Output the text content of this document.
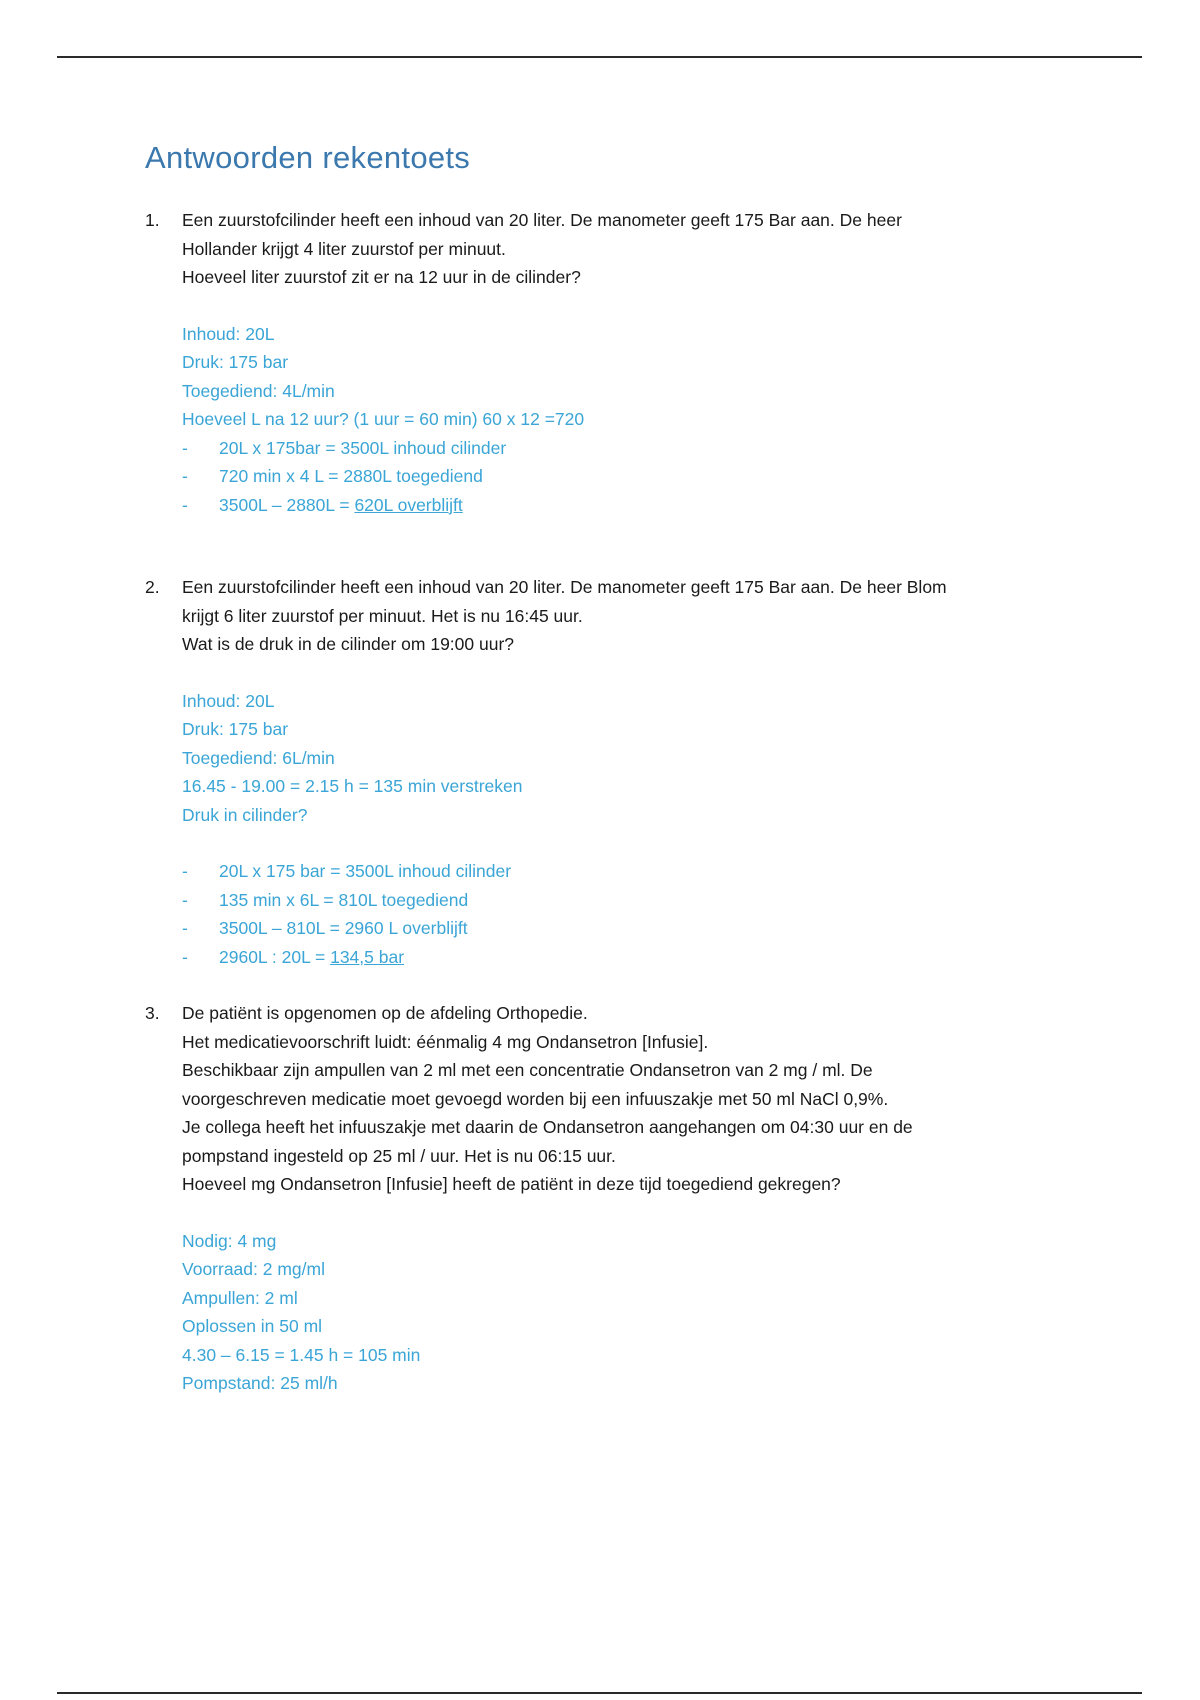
Antwoorden rekentoets
1. Een zuurstofcilinder heeft een inhoud van 20 liter. De manometer geeft 175 Bar aan. De heer
Hollander krijgt 4 liter zuurstof per minuut.
Hoeveel liter zuurstof zit er na 12 uur in de cilinder?
Inhoud: 20L
Druk: 175 bar
Toegediend: 4L/min
Hoeveel L na 12 uur? (1 uur = 60 min) 60 x 12 =720
- 20L x 175bar = 3500L inhoud cilinder
- 720 min x 4 L = 2880L toegediend
- 3500L – 2880L = 620L overblijft
2. Een zuurstofcilinder heeft een inhoud van 20 liter. De manometer geeft 175 Bar aan. De heer Blom
krijgt 6 liter zuurstof per minuut. Het is nu 16:45 uur.
Wat is de druk in de cilinder om 19:00 uur?
Inhoud: 20L
Druk: 175 bar
Toegediend: 6L/min
16.45 - 19.00 = 2.15 h = 135 min verstreken
Druk in cilinder?
- 20L x 175 bar = 3500L inhoud cilinder
- 135 min x 6L = 810L toegediend
- 3500L – 810L = 2960 L overblijft
- 2960L : 20L = 134,5 bar
3. De patiënt is opgenomen op de afdeling Orthopedie.
Het medicatievoorschrift luidt: éénmalig 4 mg Ondansetron [Infusie].
Beschikbaar zijn ampullen van 2 ml met een concentratie Ondansetron van 2 mg / ml. De
voorgeschreven medicatie moet gevoegd worden bij een infuuszakje met 50 ml NaCl 0,9%.
Je collega heeft het infuuszakje met daarin de Ondansetron aangehangen om 04:30 uur en de
pompstand ingesteld op 25 ml / uur. Het is nu 06:15 uur.
Hoeveel mg Ondansetron [Infusie] heeft de patiënt in deze tijd toegediend gekregen?
Nodig: 4 mg
Voorraad: 2 mg/ml
Ampullen: 2 ml
Oplossen in 50 ml
4.30 – 6.15 = 1.45 h = 105 min
Pompstand: 25 ml/h
